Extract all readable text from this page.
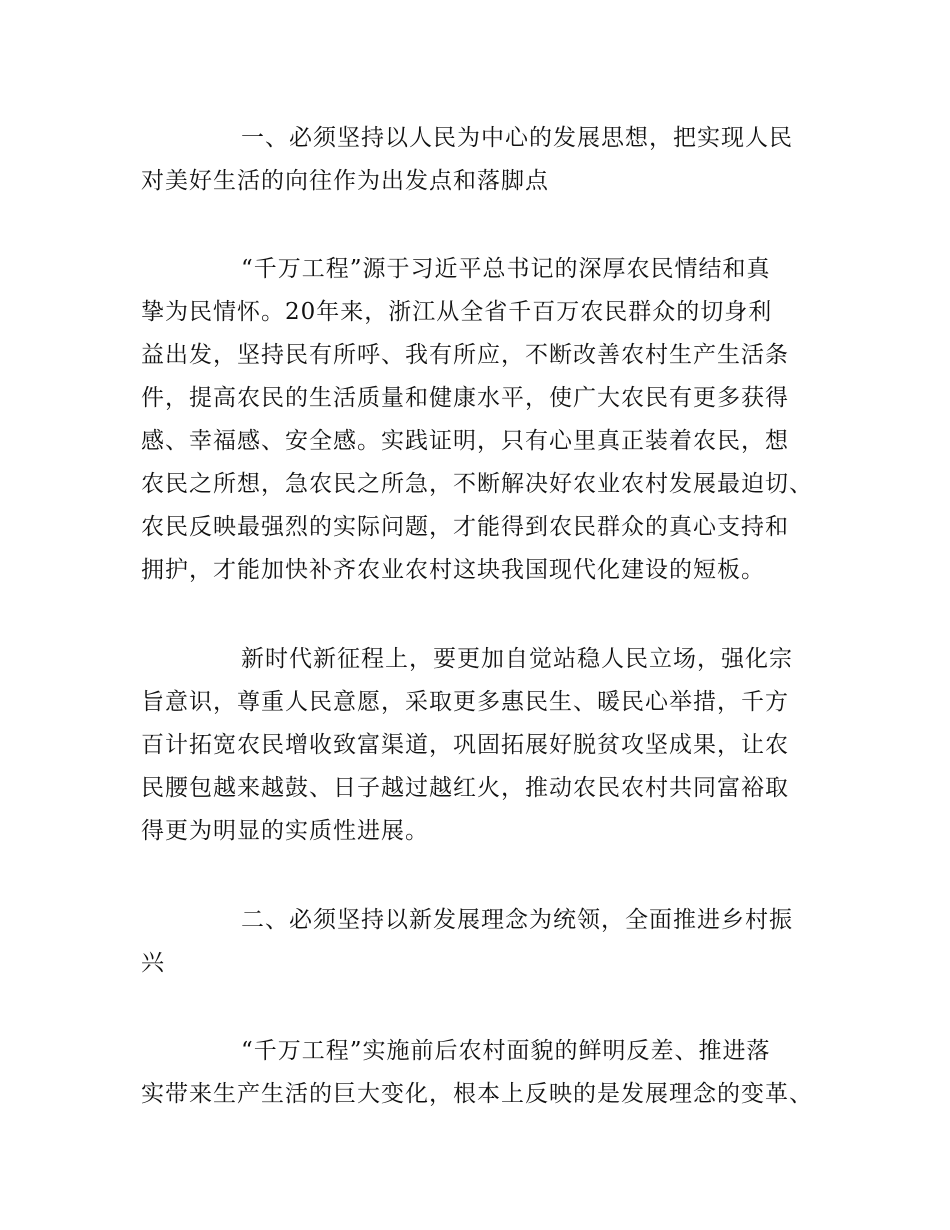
一、必须坚持以人民为中心的发展思想，把实现人民
对美好生活的向往作为出发点和落脚点
“千万工程”源于习近平总书记的深厚农民情结和真
挚为民情怀。20年来，浙江从全省千百万农民群众的切身利
益出发，坚持民有所呼、我有所应，不断改善农村生产生活条
件，提高农民的生活质量和健康水平，使广大农民有更多获得
感、幸福感、安全感。实践证明，只有心里真正装着农民，想
农民之所想，急农民之所急，不断解决好农业农村发展最迫切、
农民反映最强烈的实际问题，才能得到农民群众的真心支持和
拥护，才能加快补齐农业农村这块我国现代化建设的短板。
新时代新征程上，要更加自觉站稳人民立场，强化宗
旨意识，尊重人民意愿，采取更多惠民生、暖民心举措，千方
百计拓宽农民增收致富渠道，巩固拓展好脱贫攻坚成果，让农
民腰包越来越鼓、日子越过越红火，推动农民农村共同富裕取
得更为明显的实质性进展。
二、必须坚持以新发展理念为统领，全面推进乡村振
兴
“千万工程”实施前后农村面貌的鲜明反差、推进落
实带来生产生活的巨大变化，根本上反映的是发展理念的变革、
